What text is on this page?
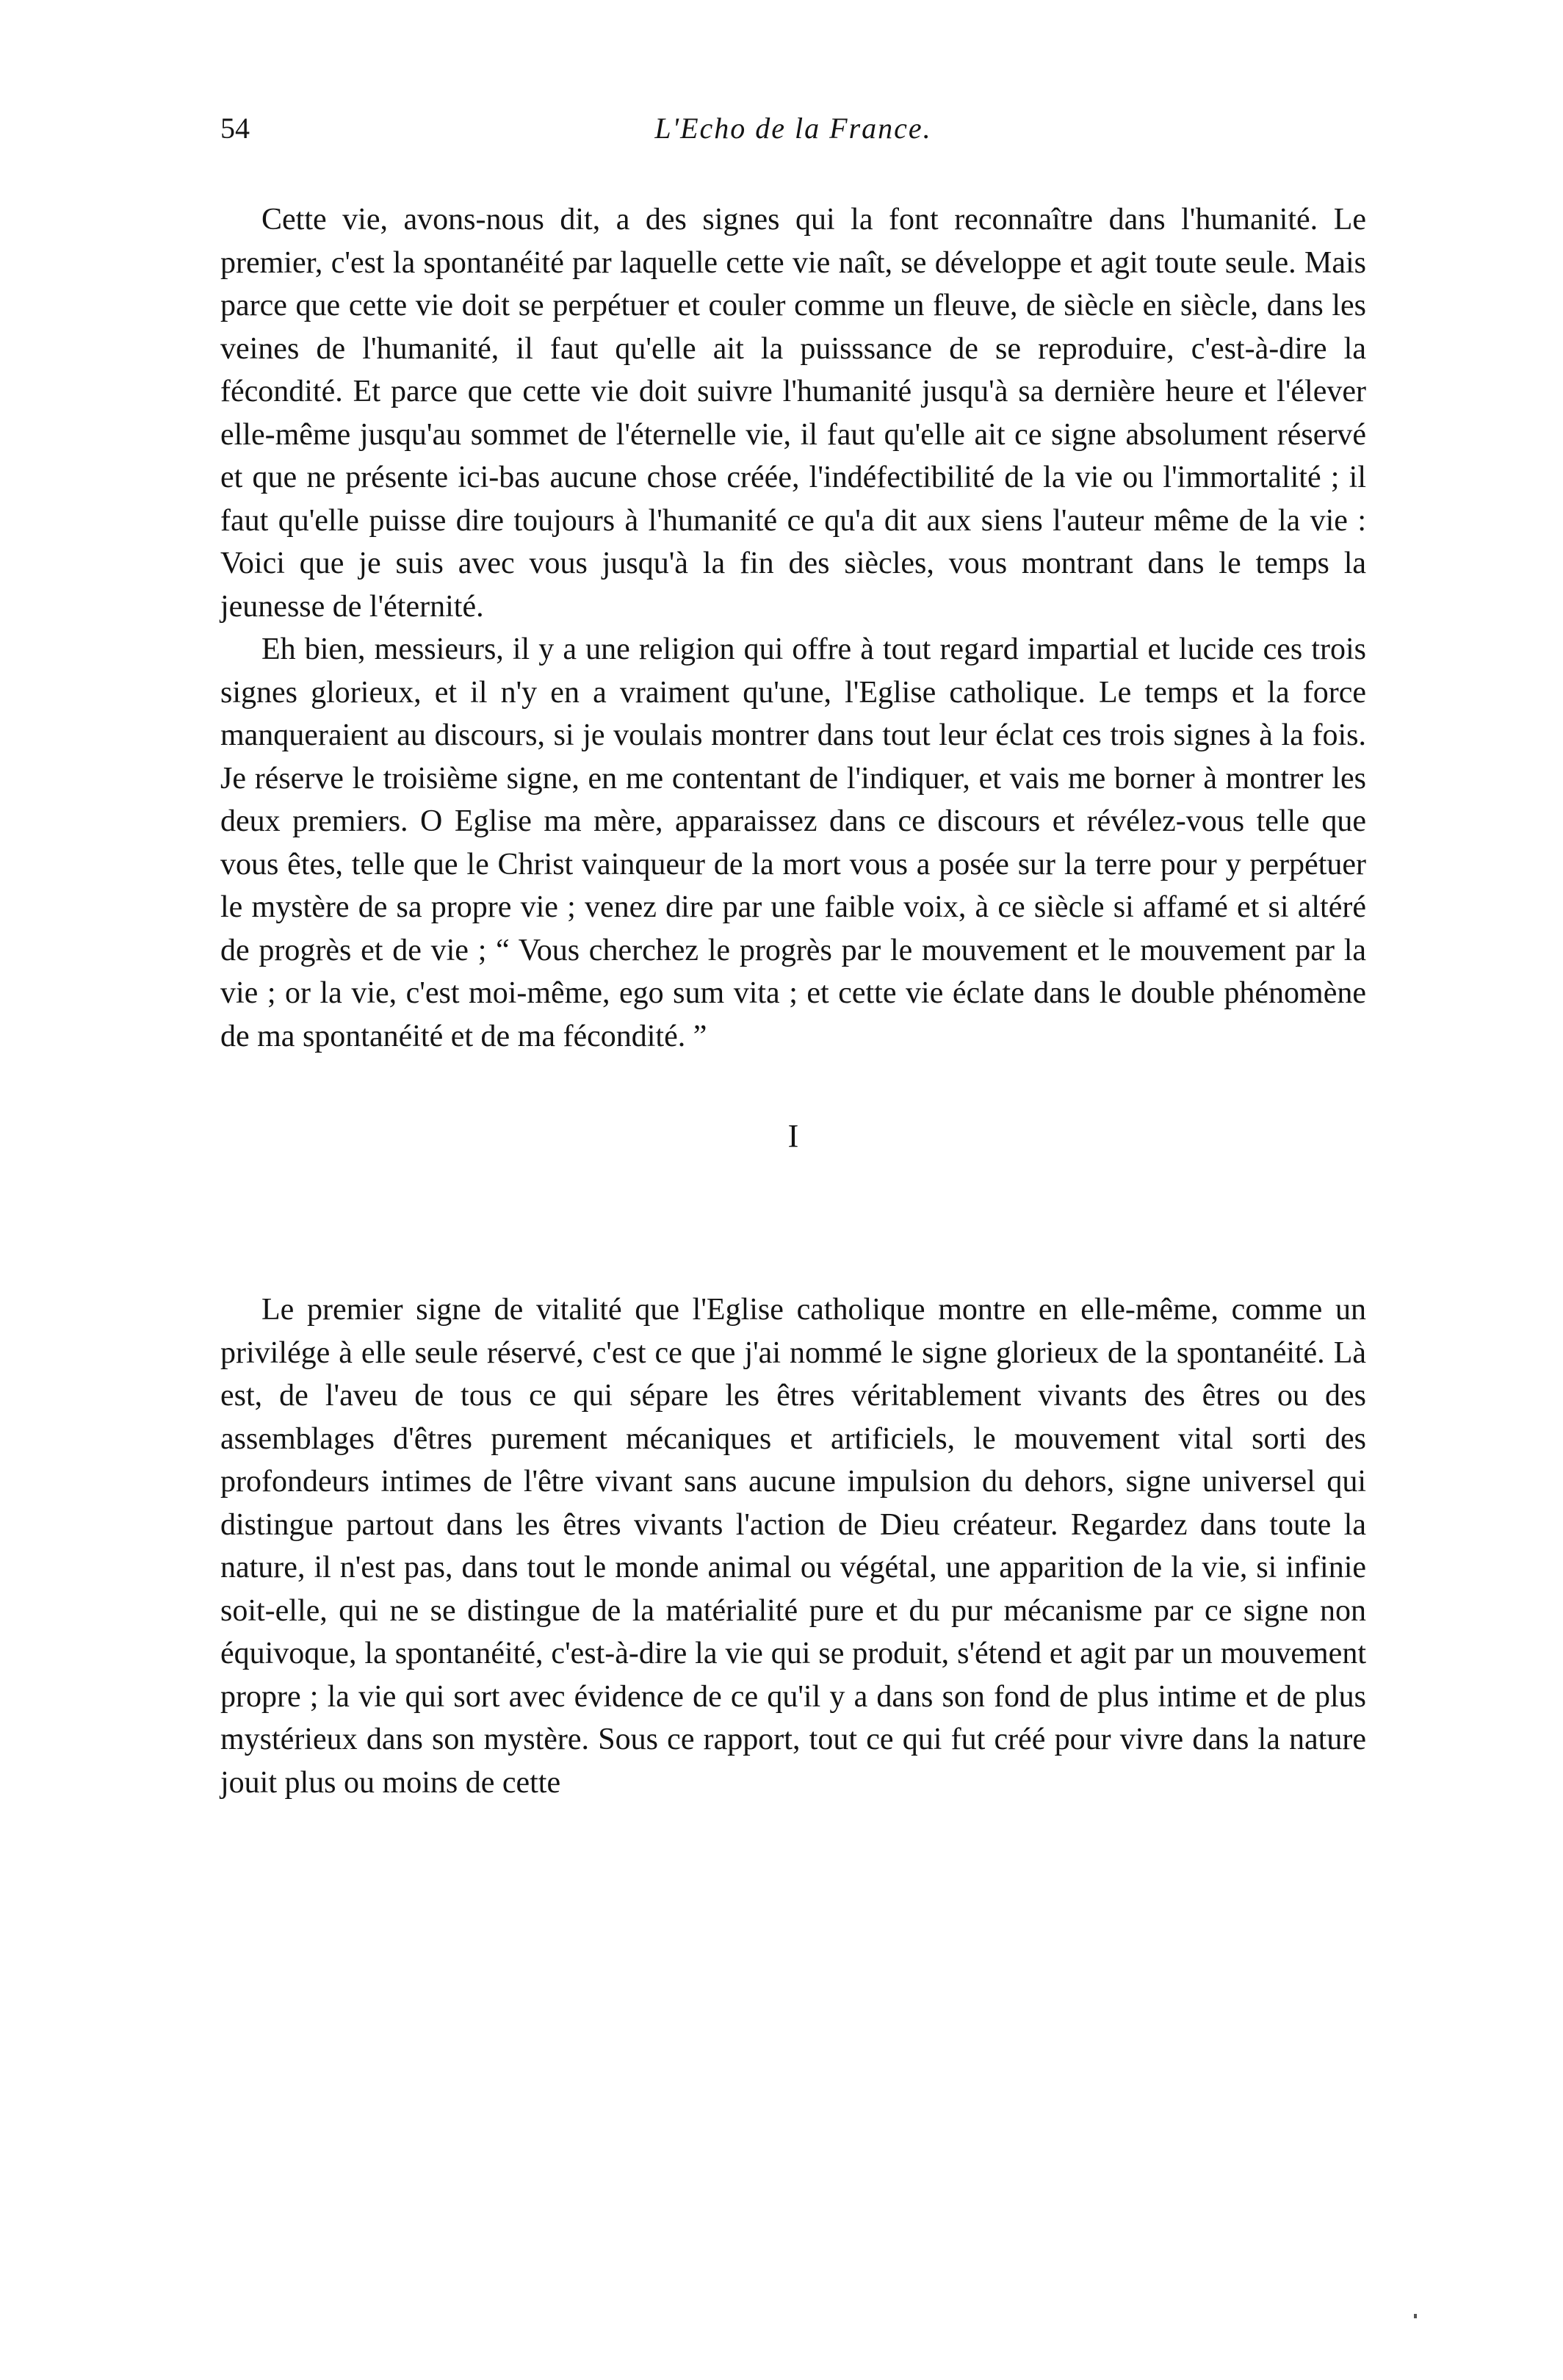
54	L'Echo de la France.

Cette vie, avons-nous dit, a des signes qui la font reconnaître dans l'humanité. Le premier, c'est la spontanéité par laquelle cette vie naît, se développe et agit toute seule. Mais parce que cette vie doit se perpétuer et couler comme un fleuve, de siècle en siècle, dans les veines de l'humanité, il faut qu'elle ait la puisssance de se reproduire, c'est-à-dire la fécondité. Et parce que cette vie doit suivre l'humanité jusqu'à sa dernière heure et l'élever elle-même jusqu'au sommet de l'éternelle vie, il faut qu'elle ait ce signe absolument réservé et que ne présente ici-bas aucune chose créée, l'indéfectibilité de la vie ou l'immortalité ; il faut qu'elle puisse dire toujours à l'humanité ce qu'a dit aux siens l'auteur même de la vie : Voici que je suis avec vous jusqu'à la fin des siècles, vous montrant dans le temps la jeunesse de l'éternité.

Eh bien, messieurs, il y a une religion qui offre à tout regard impartial et lucide ces trois signes glorieux, et il n'y en a vraiment qu'une, l'Eglise catholique. Le temps et la force manqueraient au discours, si je voulais montrer dans tout leur éclat ces trois signes à la fois. Je réserve le troisième signe, en me contentant de l'indiquer, et vais me borner à montrer les deux premiers. O Eglise ma mère, apparaissez dans ce discours et révélez-vous telle que vous êtes, telle que le Christ vainqueur de la mort vous a posée sur la terre pour y perpétuer le mystère de sa propre vie ; venez dire par une faible voix, à ce siècle si affamé et si altéré de progrès et de vie ; “ Vous cherchez le progrès par le mouvement et le mouvement par la vie ; or la vie, c'est moi-même, ego sum vita ; et cette vie éclate dans le double phénomène de ma spontanéité et de ma fécondité. ”

I

Le premier signe de vitalité que l'Eglise catholique montre en elle-même, comme un privilége à elle seule réservé, c'est ce que j'ai nommé le signe glorieux de la spontanéité. Là est, de l'aveu de tous ce qui sépare les êtres véritablement vivants des êtres ou des assemblages d'êtres purement mécaniques et artificiels, le mouvement vital sorti des profondeurs intimes de l'être vivant sans aucune impulsion du dehors, signe universel qui distingue partout dans les êtres vivants l'action de Dieu créateur. Regardez dans toute la nature, il n'est pas, dans tout le monde animal ou végétal, une apparition de la vie, si infinie soit-elle, qui ne se distingue de la matérialité pure et du pur mécanisme par ce signe non équivoque, la spontanéité, c'est-à-dire la vie qui se produit, s'étend et agit par un mouvement propre ; la vie qui sort avec évidence de ce qu'il y a dans son fond de plus intime et de plus mystérieux dans son mystère. Sous ce rapport, tout ce qui fut créé pour vivre dans la nature jouit plus ou moins de cette
